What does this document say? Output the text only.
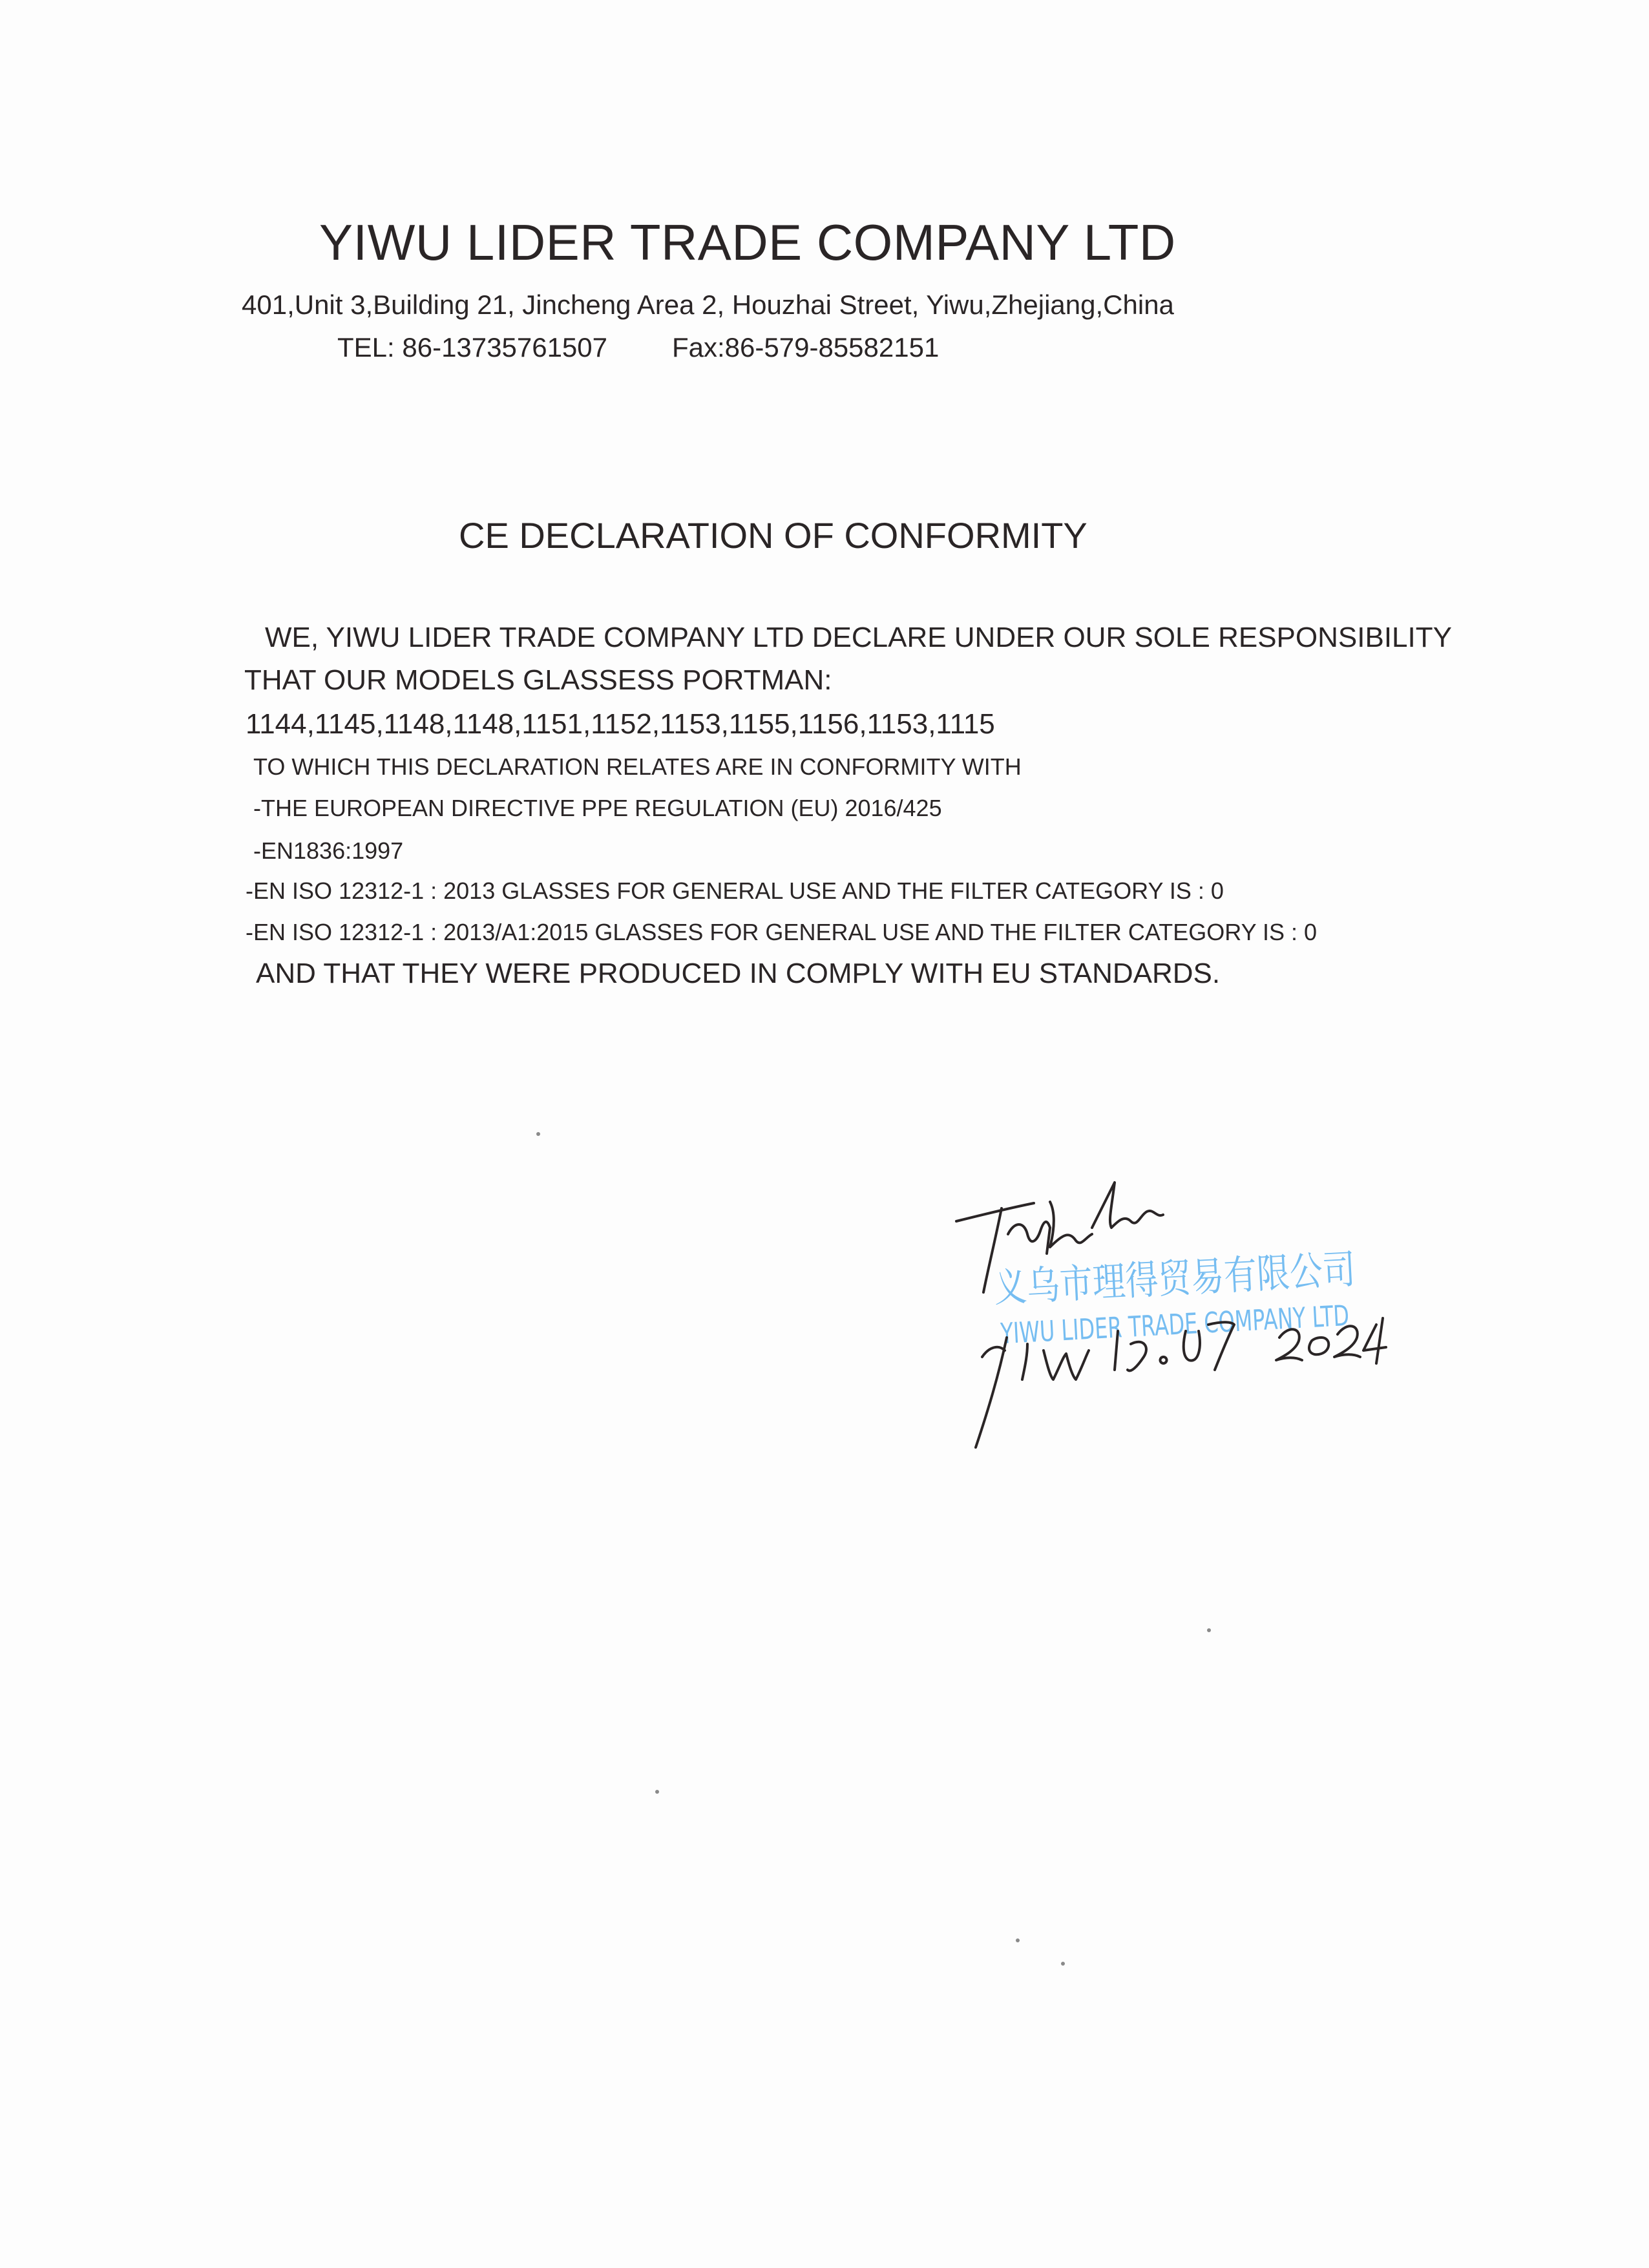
YIWU LIDER TRADE COMPANY LTD

401,Unit 3,Building 21, Jincheng Area 2, Houzhai Street, Yiwu,Zhejiang,China

TEL: 86-13735761507 Fax:86-579-85582151

CE DECLARATION OF CONFORMITY

WE, YIWU LIDER TRADE COMPANY LTD DECLARE UNDER OUR SOLE RESPONSIBILITY

THAT OUR MODELS GLASSESS PORTMAN:

1144,1145,1148,1148,1151,1152,1153,1155,1156,1153,1115

TO WHICH THIS DECLARATION RELATES ARE IN CONFORMITY WITH

-THE EUROPEAN DIRECTIVE PPE REGULATION (EU) 2016/425

-EN1836:1997

-EN ISO 12312-1 : 2013 GLASSES FOR GENERAL USE AND THE FILTER CATEGORY IS : 0

-EN ISO 12312-1 : 2013/A1:2015 GLASSES FOR GENERAL USE AND THE FILTER CATEGORY IS : 0

AND THAT THEY WERE PRODUCED IN COMPLY WITH EU STANDARDS.

义乌市理得贸易有限公司
YIWU LIDER TRADE COMPANY LTD
